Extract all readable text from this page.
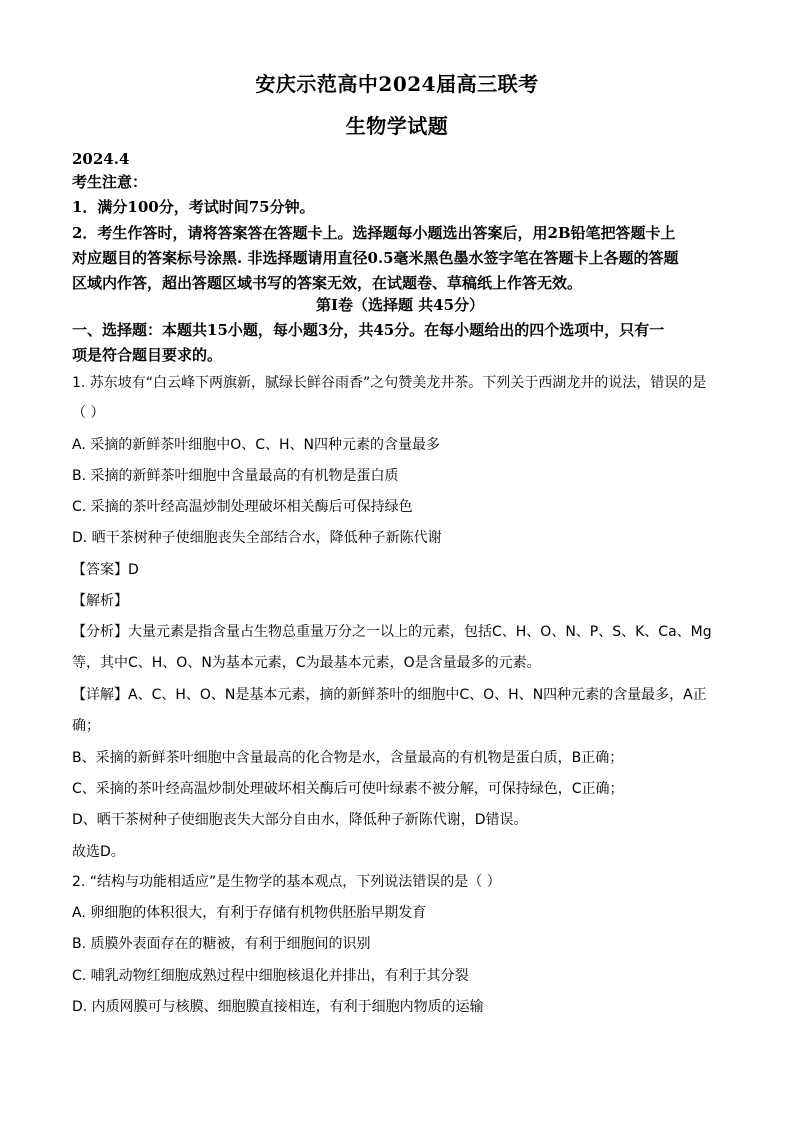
安庆示范高中2024届高三联考
生物学试题
2024.4
考生注意：
1．满分100分，考试时间75分钟。
2．考生作答时，请将答案答在答题卡上。选择题每小题选出答案后，用2B铅笔把答题卡上
对应题目的答案标号涂黑. 非选择题请用直径0.5毫米黑色墨水签字笔在答题卡上各题的答题
区域内作答，超出答题区域书写的答案无效，在试题卷、草稿纸上作答无效。
第I卷（选择题 共45分）
一、选择题：本题共15小题，每小题3分，共45分。在每小题给出的四个选项中，只有一
项是符合题目要求的。
1. 苏东坡有“白云峰下两旗新，腻绿长鲜谷雨香”之句赞美龙井茶。下列关于西湖龙井的说法，错误的是
（ ）
A. 采摘的新鲜茶叶细胞中O、C、H、N四种元素的含量最多
B. 采摘的新鲜茶叶细胞中含量最高的有机物是蛋白质
C. 采摘的茶叶经高温炒制处理破坏相关酶后可保持绿色
D. 晒干茶树种子使细胞丧失全部结合水，降低种子新陈代谢
【答案】D
【解析】
【分析】大量元素是指含量占生物总重量万分之一以上的元素，包括C、H、O、N、P、S、K、Ca、Mg
等，其中C、H、O、N为基本元素，C为最基本元素，O是含量最多的元素。
【详解】A、C、H、O、N是基本元素，摘的新鲜茶叶的细胞中C、O、H、N四种元素的含量最多，A正
确；
B、采摘的新鲜茶叶细胞中含量最高的化合物是水，含量最高的有机物是蛋白质，B正确；
C、采摘的茶叶经高温炒制处理破坏相关酶后可使叶绿素不被分解，可保持绿色，C正确；
D、晒干茶树种子使细胞丧失大部分自由水，降低种子新陈代谢，D错误。
故选D。
2. “结构与功能相适应”是生物学的基本观点，下列说法错误的是（ ）
A. 卵细胞的体积很大，有利于存储有机物供胚胎早期发育
B. 质膜外表面存在的糖被，有利于细胞间的识别
C. 哺乳动物红细胞成熟过程中细胞核退化并排出，有利于其分裂
D. 内质网膜可与核膜、细胞膜直接相连，有利于细胞内物质的运输
